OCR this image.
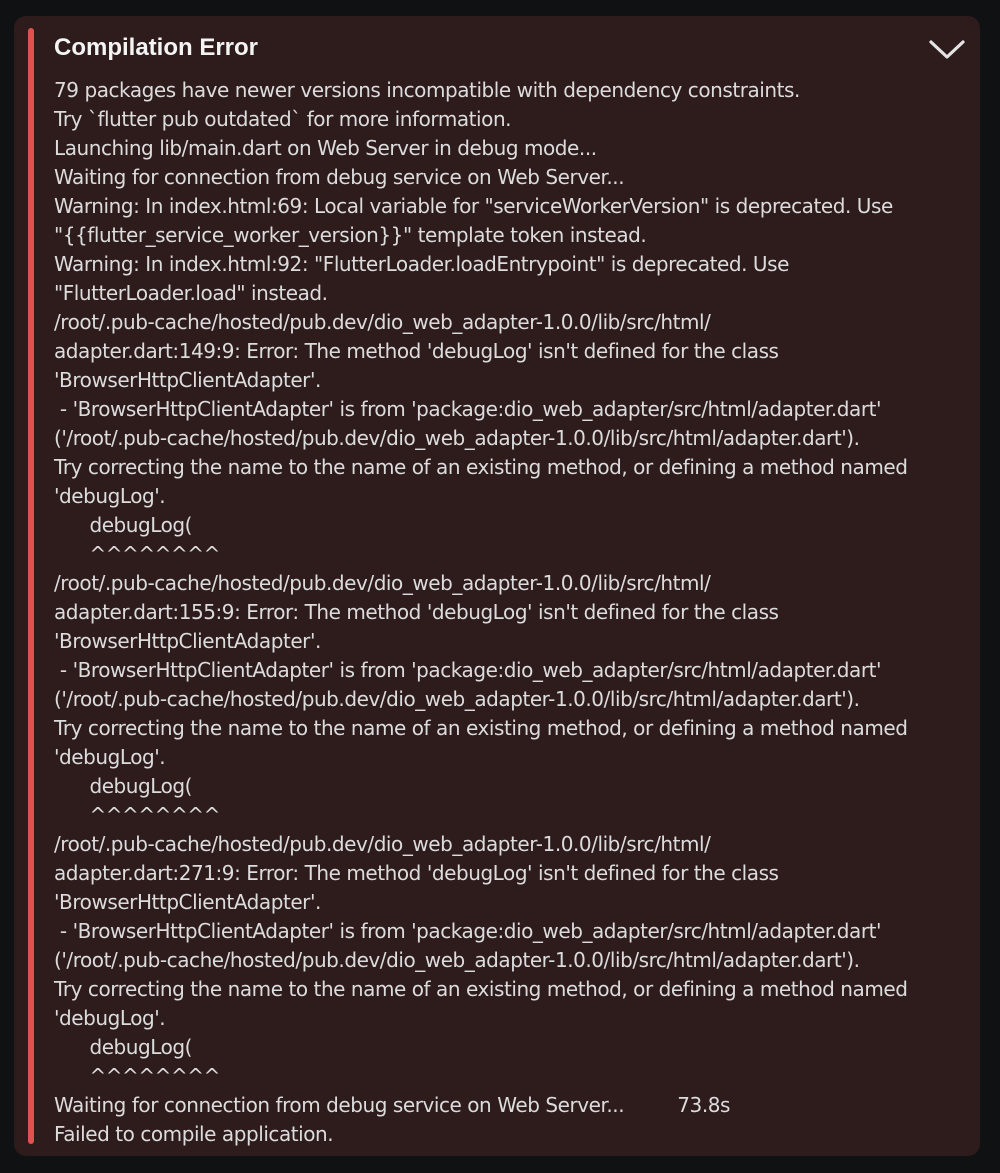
Compilation Error
79 packages have newer versions incompatible with dependency constraints.
Try `flutter pub outdated` for more information.
Launching lib/main.dart on Web Server in debug mode...
Waiting for connection from debug service on Web Server...
Warning: In index.html:69: Local variable for "serviceWorkerVersion" is deprecated. Use
"{{flutter_service_worker_version}}" template token instead.
Warning: In index.html:92: "FlutterLoader.loadEntrypoint" is deprecated. Use
"FlutterLoader.load" instead.
/root/.pub-cache/hosted/pub.dev/dio_web_adapter-1.0.0/lib/src/html/
adapter.dart:149:9: Error: The method 'debugLog' isn't defined for the class
'BrowserHttpClientAdapter'.
- 'BrowserHttpClientAdapter' is from 'package:dio_web_adapter/src/html/adapter.dart'
('/root/.pub-cache/hosted/pub.dev/dio_web_adapter-1.0.0/lib/src/html/adapter.dart').
Try correcting the name to the name of an existing method, or defining a method named
'debugLog'.
debugLog(
^^^^^^^^
/root/.pub-cache/hosted/pub.dev/dio_web_adapter-1.0.0/lib/src/html/
adapter.dart:155:9: Error: The method 'debugLog' isn't defined for the class
'BrowserHttpClientAdapter'.
- 'BrowserHttpClientAdapter' is from 'package:dio_web_adapter/src/html/adapter.dart'
('/root/.pub-cache/hosted/pub.dev/dio_web_adapter-1.0.0/lib/src/html/adapter.dart').
Try correcting the name to the name of an existing method, or defining a method named
'debugLog'.
debugLog(
^^^^^^^^
/root/.pub-cache/hosted/pub.dev/dio_web_adapter-1.0.0/lib/src/html/
adapter.dart:271:9: Error: The method 'debugLog' isn't defined for the class
'BrowserHttpClientAdapter'.
- 'BrowserHttpClientAdapter' is from 'package:dio_web_adapter/src/html/adapter.dart'
('/root/.pub-cache/hosted/pub.dev/dio_web_adapter-1.0.0/lib/src/html/adapter.dart').
Try correcting the name to the name of an existing method, or defining a method named
'debugLog'.
debugLog(
^^^^^^^^
Waiting for connection from debug service on Web Server...         73.8s
Failed to compile application.
